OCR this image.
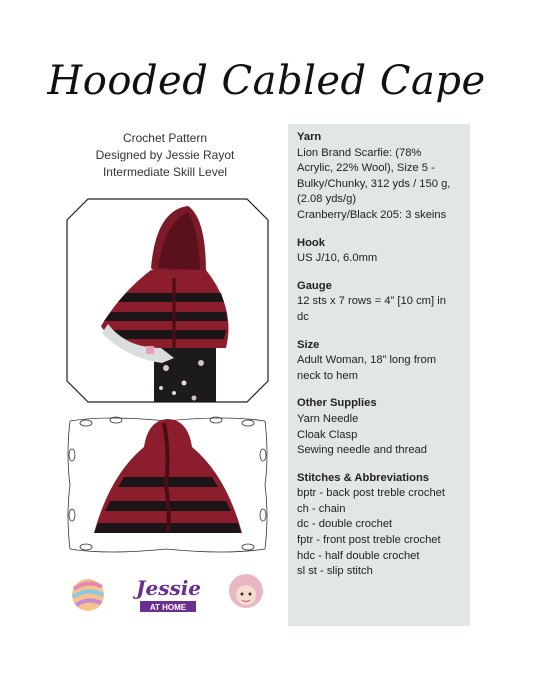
Hooded Cabled Cape
Crochet Pattern
Designed by Jessie Rayot
Intermediate Skill Level
Jessie
AT HOME
Yarn
Lion Brand Scarfie: (78%
Acrylic, 22% Wool), Size 5 -
Bulky/Chunky, 312 yds / 150 g,
(2.08 yds/g)
Cranberry/Black 205: 3 skeins
Hook
US J/10, 6.0mm
Gauge
12 sts x 7 rows = 4” [10 cm] in
dc
Size
Adult Woman, 18” long from
neck to hem
Other Supplies
Yarn Needle
Cloak Clasp
Sewing needle and thread
Stitches & Abbreviations
bptr - back post treble crochet
ch - chain
dc - double crochet
fptr - front post treble crochet
hdc - half double crochet
sl st - slip stitch
